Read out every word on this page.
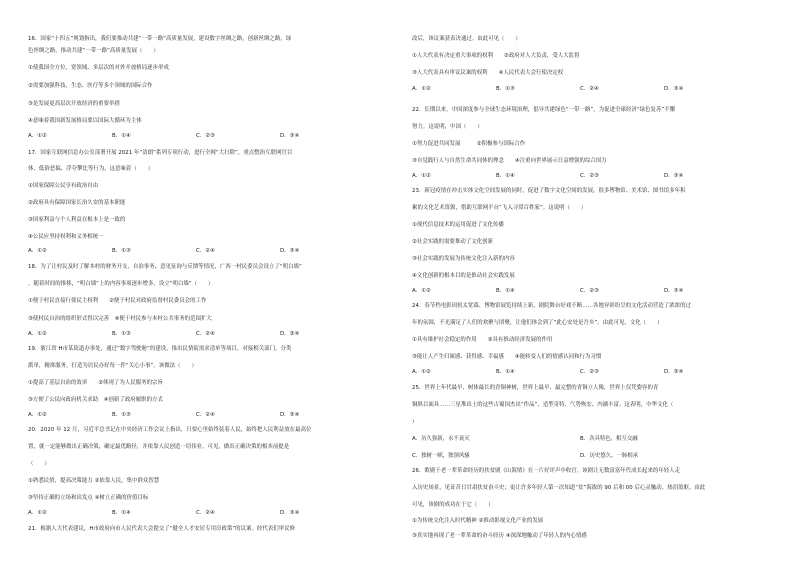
16．国家“十四五”规划指出，我们要推动共建“一带一路”高质量发展，建设数字丝绸之路，创新丝绸之路，绿
色丝绸之路。推动共建“一带一路”高质量发展（　　）
①使我国全方位、宽领域、多层次的对外开放格局逐步形成
②需要加强科技、生态、医疗等多个领域的国际合作
③是发展更高层次开放经济的重要举措
④意味着我国新发展格局要以国际大循环为主体
A．①②	B．①④	C．②③	D．③④
17．国家互联网信息办公室部署开展 2021 年“清朗”系列专项行动，进行全网“大扫除”，重点整治互联网官目
体、低俗恶搞、浮夸攀比等行为。这意味着（　　）
①国家保障公民享有政治自由
②政府具有保障国家长治久安的基本职能
③国家利益与个人利益在根本上是一致的
④公民应坚持权利和义务相统一
A．①②	B．①③	C．②④	D．③④
18．为了让村民及时了解本村的财务开支、自治事务、意见征询与反馈等情况，广西一村民委员会设立了“明白墙”
。随着时间的推移，“明白墙”上的内容事项逐步增多，设立“明白墙”（　　）
①便于村民直接行使民主权利　　②便于村民对政府监督村民委员会的工作
③使村民自治的组织形式得以完善　④便于村民参与本村公共事务的范围扩大
A．①②	B．①③	C．②④	D．③④
19．浙江省 H市某街道办事处，通过“数字驾驶舱”的建设，推出民情街需求清单等项目，对接相关部门，分类
派单，精准服务，打造为居民办好每一件“关心小事”。该做法（　　）
①提高了基层自治的效率　　②体现了为人民服务的宗旨
③方便了公民向政府机关求助　④创新了政府履职的方式
A．①②	B．①③	C．②④	D．③④
20．2020 年 12 月，习近平总书记在中央经济工作会议上指出，只要心里始终装着人民，始终把人民利益放在最高位
置，就一定能够做出正确决策，确定最优路径，并依靠人民创造一切伟业。可见，做出正确决策的根本前提是
（　　）
①熟悉民情，提高决策能力 ②依靠人民，集中群众智慧
③坚持正确的立场和出发点 ④树立正确的价值目标
A．①②	B．①④	C．②④	D．③④
21．根据人大代表建议，H市政府向市人民代表大会提交了“健全人才安居专用房政策”的议案。经代表们审议修
改后，该议案获表决通过。由此可见（　　）
①人大代表有决定重大事项的权利　　②政府对人大负责，受人大监督
③人大代表具有审议议案的权利　　④人民代表大会行使决定权
A．①②	B．①③	C．②④	D．③④
22．长期以来，中国深度参与全球生态环境治理，倡导共建绿色“一带一路”，为促进全球经济“绿色复苏”不懈
努力。这说明，中国（　　）
①努力促进共同发展　　　②积极参与国际合作
③自觉践行人与自然生命共同体的理念　　④注重向世界展示日益增强的综合国力
A．①②	B．①④	C．②③	D．③④
23．新冠疫情在冲击实体文化空间发展的同时，促进了数字文化空间的发展，很多博物馆、美术馆、图书馆多年积
累的文化艺术资源，借助互联网平台“飞入寻常百姓家”。这说明（　　）
①现代信息技术的运用促进了文化传播
②社会实践的需要推动了文化创新
③社会实践的发展为传统文化注入新的内容
④文化创新的根本目的是推动社会实践发展
A．①②	B．①④	C．②③	D．③④
24．春节档电影因扭太宽幕、博物馆展览持续上新、剧院舞台好戏不断……各地异彩纷呈的文化活动营造了浓浓的过
年的氛围，不光满足了人们的欢聚与团聚，让他们体会到了“此心安处是吾乡”。由此可见，文化（　　）
①具有维护社会稳定的作用　　②具有推动经济发展的作用
③能让人产生归属感、获得感、幸福感　　④能转变人们的情感认同和行为习惯
A．①②	B．①④	C．②③	D．③④
25．世界上年代最早、树体最长的青铜神树，世界上最早、最完整的青铜立人像，世界上仅凭姿容的青
铜纵目面具……三星堆出土的这些古蜀国杰出“作品”，造型奇特、气势恢宏、内涵丰富。这表明，中华文化（
）
A．历久弥新，永不衰灭	B．各具特色，相互交融
C．独树一帜，独领风骚	D．历史悠久，一脉相承
26．歌剧于老一辈革命经历的扶贫剧《山海情》在一片好评声中收官。该剧让无数富富年代成长起来的年轻人走
入历史场景，见证昔日甘肃扶贫奋斗史；更让许多年轻人第一次知道“贫”海拔的 90 后和 00 后心灵触动、热泪盈眶。由此
可见，该剧的成功在于它（　　）
①为传统文化注入时代精神 ②推动影视文化产业的发展
③真实地再现了老一辈革命的奋斗经历 ④深深地触动了年轻人的内心情感
